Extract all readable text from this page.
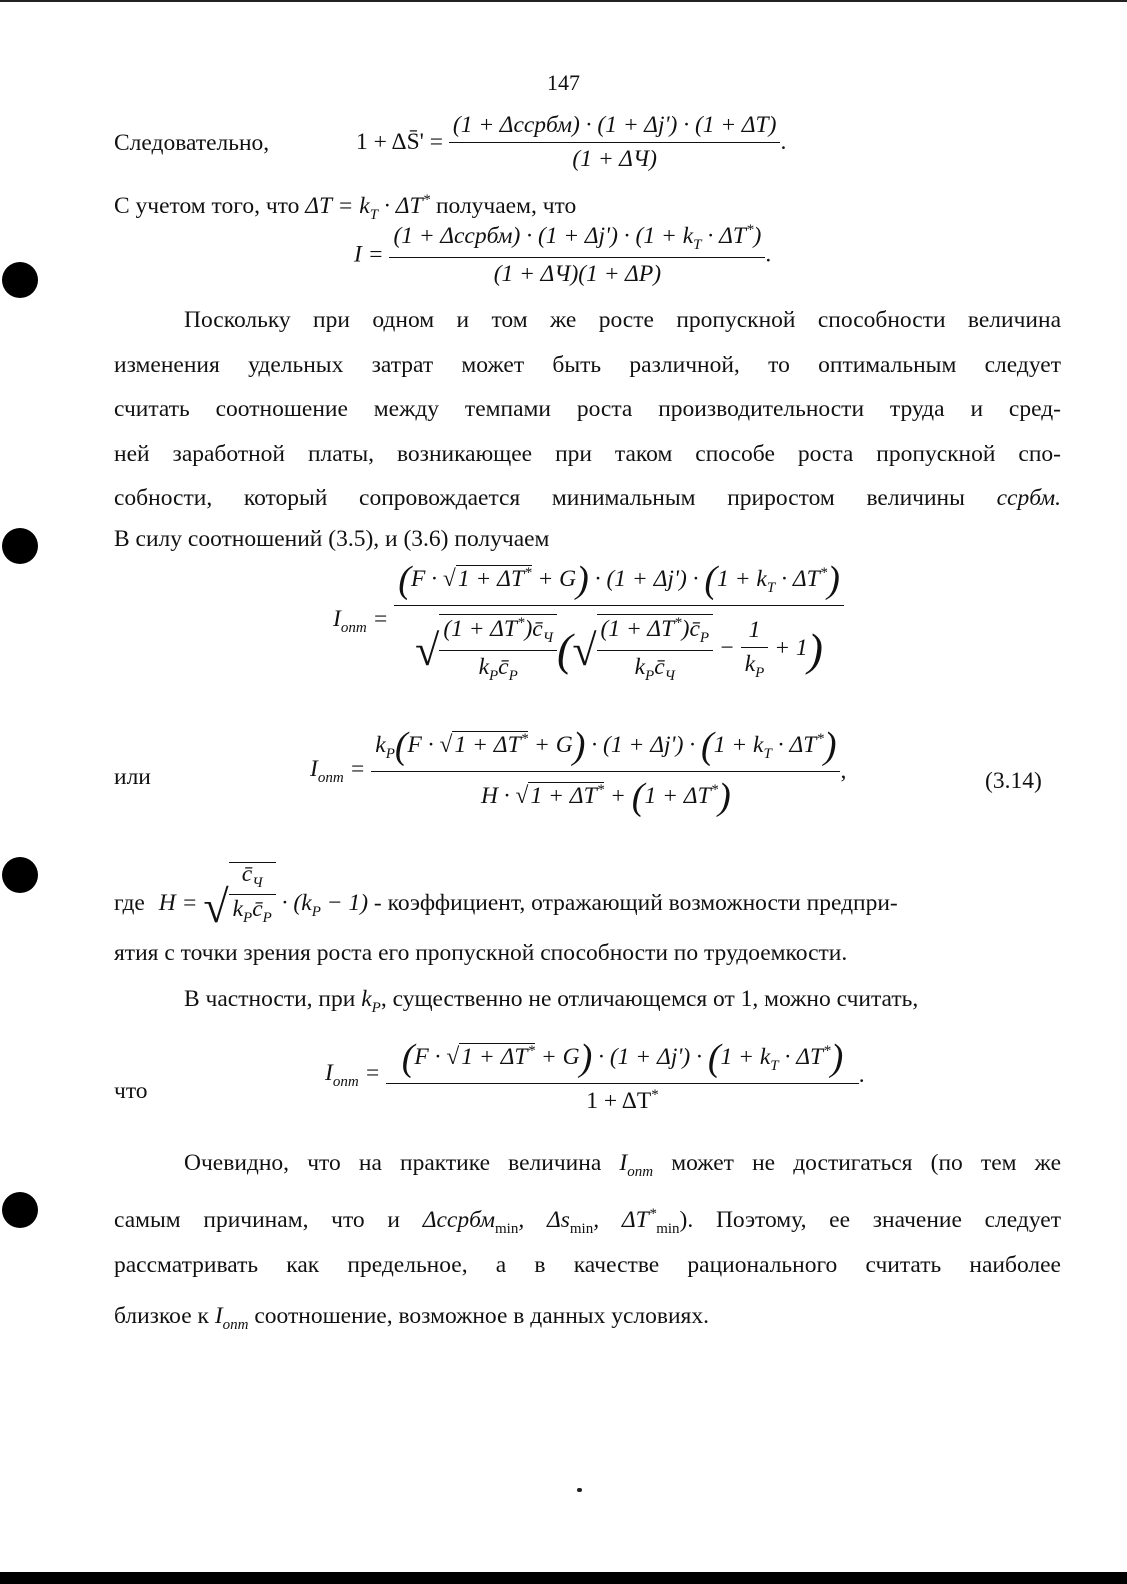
147
Следовательно,	1 + ΔS̄' = $\frac{\text{(1 + Δссрбм) · (1 + Δj') · (1 + ΔT)}}{(1 + \Delta Ч)}$ .
С учетом того, что $\Delta T = k_T \cdot \Delta T^*$ получаем, что
$I = \frac{(1 + \Delta ссрбм) \cdot (1 + \Delta j') \cdot (1 + k_T \cdot \Delta T^*)}{(1 + \Delta Ч)(1 + \Delta P)}$ .
Поскольку при одном и том же росте пропускной способности величина
изменения удельных затрат может быть различной, то оптимальным следует
считать соотношение между темпами роста производительности труда и сред-
ней заработной платы, возникающее при таком способе роста пропускной спо-
собности, который сопровождается минимальным приростом величины ссрбм.
В силу соотношений (3.5), и (3.6) получаем
$I_{опт} = \frac{(F \cdot √1 + \Delta T^* + G) \cdot (1 + \Delta j') \cdot (1 + k_T \cdot \Delta T^*)}{√ \frac{(1 + \Delta T^*)c̄_Ч}{k_Pc̄_P} (√ \frac{(1 + \Delta T^*)c̄_P}{k_Pc̄_Ч} - \frac{1}{k_P} + 1)}$
или	$I_{опт} = \frac{k_P(F \cdot √1 + \Delta T^* + G) \cdot (1 + \Delta j') \cdot (1 + k_T \cdot \Delta T^*)}{H \cdot √1 + \Delta T^* + (1 + \Delta T^*)}$ ,	(3.14)
где H = √ $\frac{c̄_Ч}{k_Pc̄_P} \cdot (k_P - 1)$ - коэффициент, отражающий возможности предпри-
ятия с точки зрения роста его пропускной способности по трудоемкости.
В частности, при $k_P$, существенно не отличающемся от 1, можно считать,
что
$I_{опт} = \frac{(F \cdot √1 + \Delta T^* + G) \cdot (1 + \Delta j') \cdot (1 + k_T \cdot \Delta T^*)}{1 + \Delta T^*}$ .
Очевидно, что на практике величина $I_{опт}$ может не достигаться (по тем же
самым причинам, что и Δссрбм$_{min}$, $\Delta s_{min}$, $\Delta T^*_{min}$). Поэтому, ее значение следует
рассматривать как предельное, а в качестве рационального считать наиболее
близкое к $I_{опт}$ соотношение, возможное в данных условиях.
